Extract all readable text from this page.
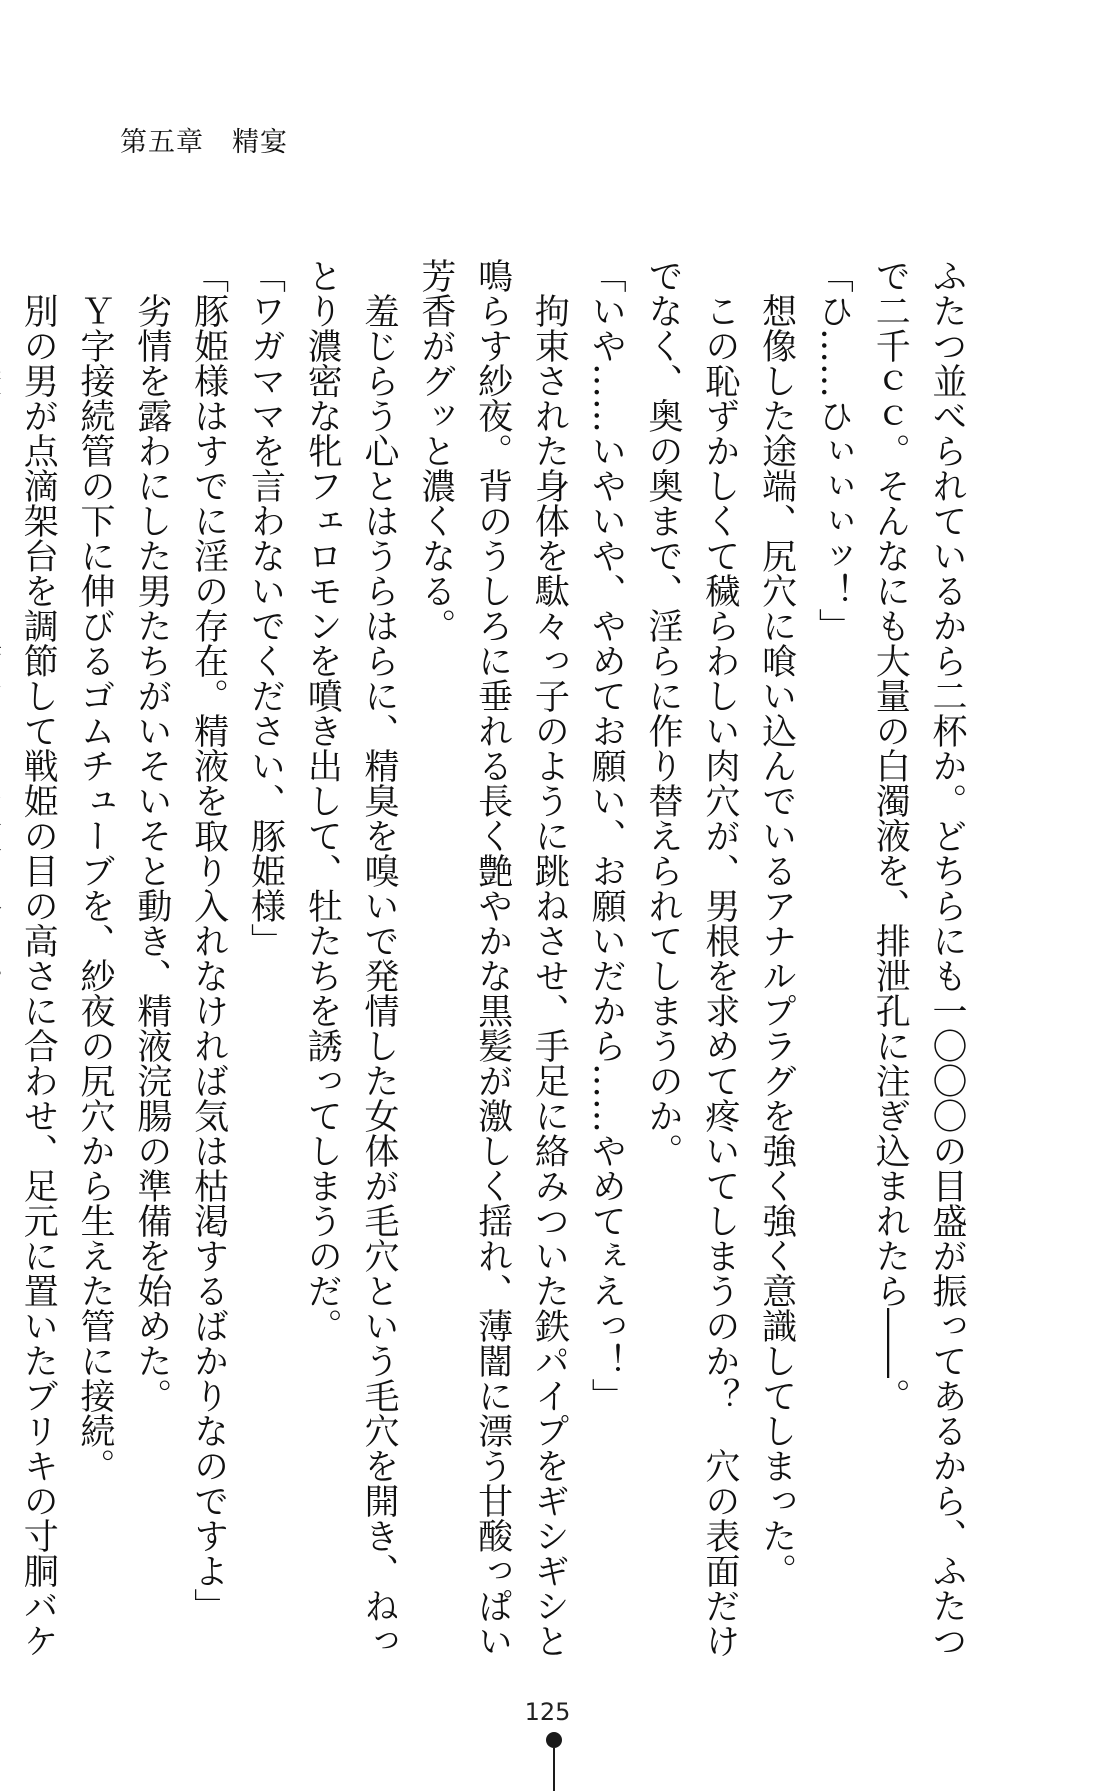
第五章　精宴
ふたつ並べられているから二杯か。どちらにも一〇〇〇の目盛が振ってあるから、ふたつ
で二千ｃｃ。そんなにも大量の白濁液を、排泄孔に注ぎ込まれたら――。
「ひ……ひぃぃぃッ！」
　想像した途端、尻穴に喰い込んでいるアナルプラグを強く強く意識してしまった。
　この恥ずかしくて穢らわしい肉穴が、男根を求めて疼いてしまうのか？　穴の表面だけ
でなく、奥の奥まで、淫らに作り替えられてしまうのか。
「いや……いやいや、やめてお願い、お願いだから……やめてぇえっ！」
　拘束された身体を駄々っ子のように跳ねさせ、手足に絡みついた鉄パイプをギシギシと
鳴らす紗夜。背のうしろに垂れる長く艶やかな黒髪が激しく揺れ、薄闇に漂う甘酸っぱい
芳香がグッと濃くなる。
　羞じらう心とはうらはらに、精臭を嗅いで発情した女体が毛穴という毛穴を開き、ねっ
とり濃密な牝フェロモンを噴き出して、牡たちを誘ってしまうのだ。
「ワガママを言わないでください、豚姫様」
「豚姫様はすでに淫の存在。精液を取り入れなければ気は枯渇するばかりなのですよ」
　劣情を露わにした男たちがいそいそと動き、精液浣腸の準備を始めた。
　Ｙ字接続管の下に伸びるゴムチューブを、紗夜の尻穴から生えた管に接続。
　別の男が点滴架台を調節して戦姫の目の高さに合わせ、足元に置いたブリキの寸胴バケ
125
